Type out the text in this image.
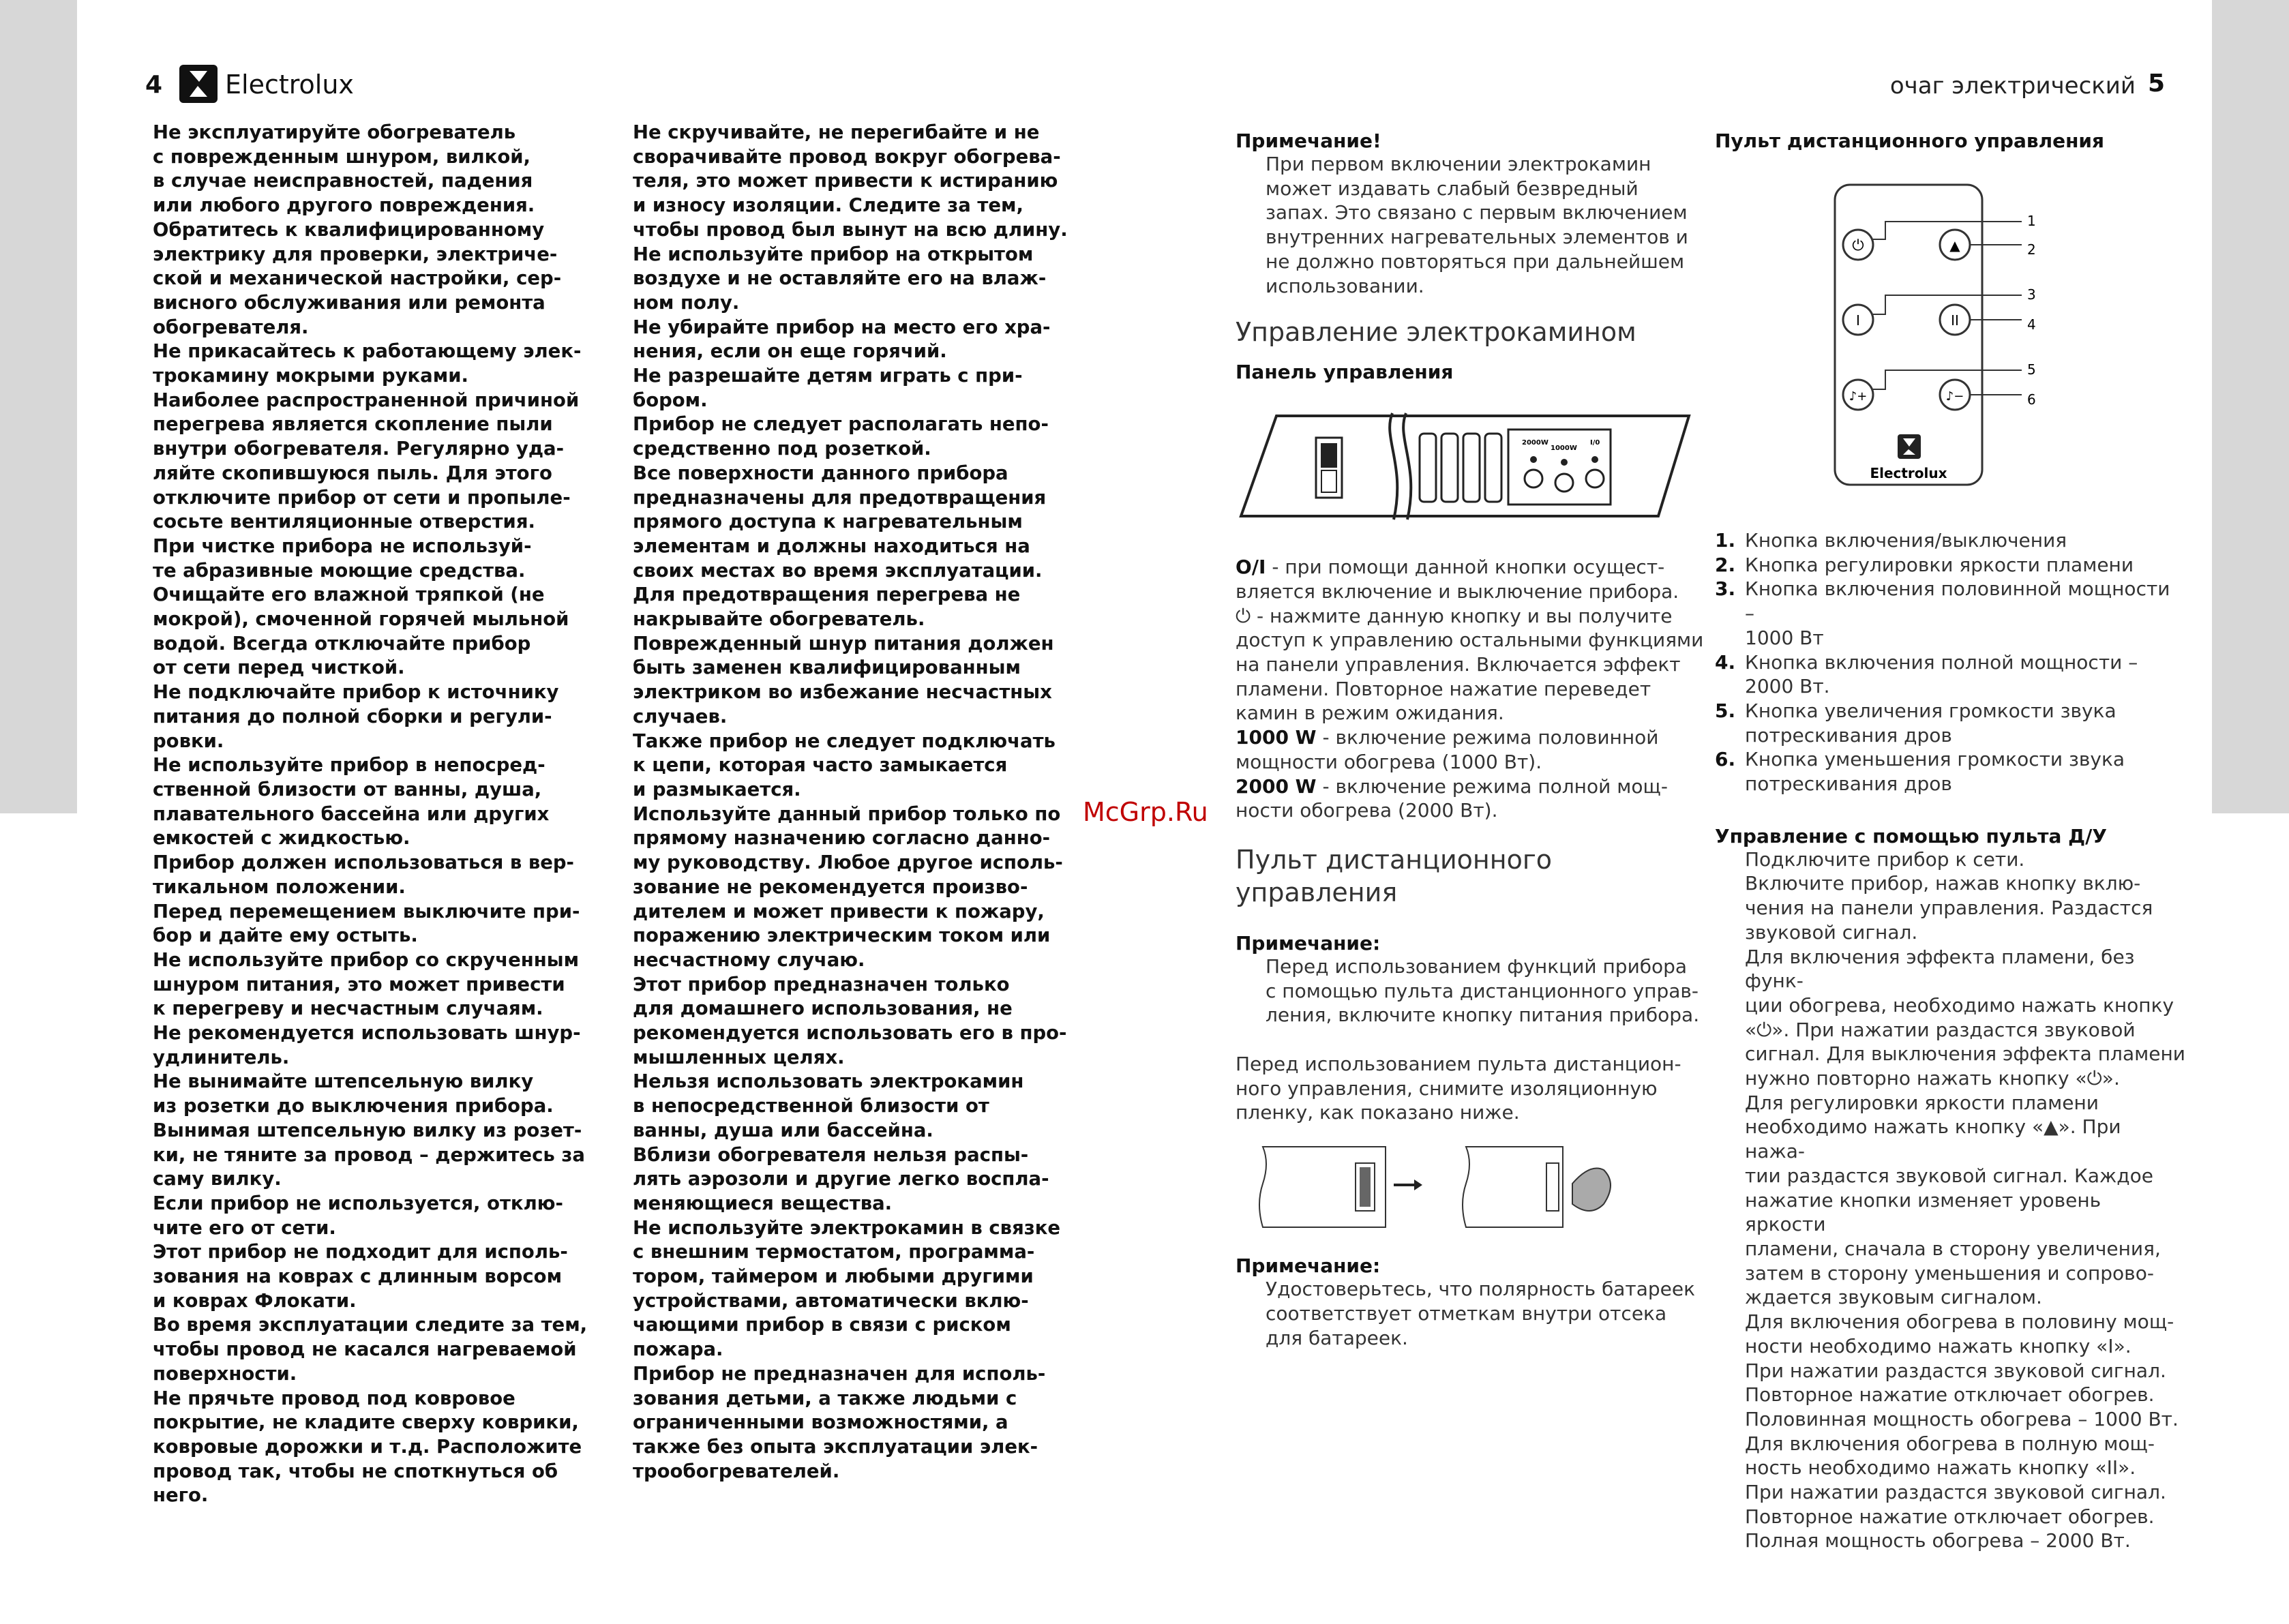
4 Electrolux	очаг электрический 5
Не эксплуатируйте обогреватель
с поврежденным шнуром, вилкой,
в случае неисправностей, падения
или любого другого повреждения.
Обратитесь к квалифицированному
электрику для проверки, электриче-
ской и механической настройки, сер-
висного обслуживания или ремонта
обогревателя.
Не прикасайтесь к работающему элек-
трокамину мокрыми руками.
Наиболее распространенной причиной
перегрева является скопление пыли
внутри обогревателя. Регулярно уда-
ляйте скопившуюся пыль. Для этого
отключите прибор от сети и пропыле-
сосьте вентиляционные отверстия.
При чистке прибора не используй-
те абразивные моющие средства.
Очищайте его влажной тряпкой (не
мокрой), смоченной горячей мыльной
водой. Всегда отключайте прибор
от сети перед чисткой.
Не подключайте прибор к источнику
питания до полной сборки и регули-
ровки.
Не используйте прибор в непосред-
ственной близости от ванны, душа,
плавательного бассейна или других
емкостей с жидкостью.
Прибор должен использоваться в вер-
тикальном положении.
Перед перемещением выключите при-
бор и дайте ему остыть.
Не используйте прибор со скрученным
шнуром питания, это может привести
к перегреву и несчастным случаям.
Не рекомендуется использовать шнур-
удлинитель.
Не вынимайте штепсельную вилку
из розетки до выключения прибора.
Вынимая штепсельную вилку из розет-
ки, не тяните за провод – держитесь за
саму вилку.
Если прибор не используется, отклю-
чите его от сети.
Этот прибор не подходит для исполь-
зования на коврах с длинным ворсом
и коврах Флокати.
Во время эксплуатации следите за тем,
чтобы провод не касался нагреваемой
поверхности.
Не прячьте провод под ковровое
покрытие, не кладите сверху коврики,
ковровые дорожки и т.д. Расположите
провод так, чтобы не споткнуться об
него.
Не скручивайте, не перегибайте и не
сворачивайте провод вокруг обогрева-
теля, это может привести к истиранию
и износу изоляции. Следите за тем,
чтобы провод был вынут на всю длину.
Не используйте прибор на открытом
воздухе и не оставляйте его на влаж-
ном полу.
Не убирайте прибор на место его хра-
нения, если он еще горячий.
Не разрешайте детям играть с при-
бором.
Прибор не следует располагать непо-
средственно под розеткой.
Все поверхности данного прибора
предназначены для предотвращения
прямого доступа к нагревательным
элементам и должны находиться на
своих местах во время эксплуатации.
Для предотвращения перегрева не
накрывайте обогреватель.
Поврежденный шнур питания должен
быть заменен квалифицированным
электриком во избежание несчастных
случаев.
Также прибор не следует подключать
к цепи, которая часто замыкается
и размыкается.
Используйте данный прибор только по
прямому назначению согласно данно-
му руководству. Любое другое исполь-
зование не рекомендуется произво-
дителем и может привести к пожару,
поражению электрическим током или
несчастному случаю.
Этот прибор предназначен только
для домашнего использования, не
рекомендуется использовать его в про-
мышленных целях.
Нельзя использовать электрокамин
в непосредственной близости от
ванны, душа или бассейна.
Вблизи обогревателя нельзя распы-
лять аэрозоли и другие легко воспла-
меняющиеся вещества.
Не используйте электрокамин в связке
с внешним термостатом, программа-
тором, таймером и любыми другими
устройствами, автоматически вклю-
чающими прибор в связи с риском
пожара.
Прибор не предназначен для исполь-
зования детьми, а также людьми с
ограниченными возможностями, а
также без опыта эксплуатации элек-
трообогревателей.
McGrp.Ru
Примечание!
При первом включении электрокамин
может издавать слабый безвредный
запах. Это связано с первым включением
внутренних нагревательных элементов и
не должно повторяться при дальнейшем
использовании.
Управление электрокамином
Панель управления
2000W
1000W
I/0
O/I - при помощи данной кнопки осущест-
вляется включение и выключение прибора.
⏻ - нажмите данную кнопку и вы получите
доступ к управлению остальными функциями
на панели управления. Включается эффект
пламени. Повторное нажатие переведет
камин в режим ожидания.
1000 W - включение режима половинной
мощности обогрева (1000 Вт).
2000 W - включение режима полной мощ-
ности обогрева (2000 Вт).
Пульт дистанционного
управления
Примечание:
Перед использованием функций прибора
с помощью пульта дистанционного управ-
ления, включите кнопку питания прибора.
Перед использованием пульта дистанцион-
ного управления, снимите изоляционную
пленку, как показано ниже.
Примечание:
Удостоверьтесь, что полярность батареек
соответствует отметкам внутри отсека
для батареек.
Пульт дистанционного управления
⏻	▲
I	II
♪+	♪−
Electrolux
1
2
3
4
5
6
1. Кнопка включения/выключения
2. Кнопка регулировки яркости пламени
3. Кнопка включения половинной мощности –
1000 Вт
4. Кнопка включения полной мощности –
2000 Вт.
5. Кнопка увеличения громкости звука
потрескивания дров
6. Кнопка уменьшения громкости звука
потрескивания дров
Управление с помощью пульта Д/У
Подключите прибор к сети.
Включите прибор, нажав кнопку вклю-
чения на панели управления. Раздастся
звуковой сигнал.
Для включения эффекта пламени, без функ-
ции обогрева, необходимо нажать кнопку
«⏻». При нажатии раздастся звуковой
сигнал. Для выключения эффекта пламени
нужно повторно нажать кнопку «⏻».
Для регулировки яркости пламени
необходимо нажать кнопку «▲». При нажа-
тии раздастся звуковой сигнал. Каждое
нажатие кнопки изменяет уровень яркости
пламени, сначала в сторону увеличения,
затем в сторону уменьшения и сопрово-
ждается звуковым сигналом.
Для включения обогрева в половину мощ-
ности необходимо нажать кнопку «I».
При нажатии раздастся звуковой сигнал.
Повторное нажатие отключает обогрев.
Половинная мощность обогрева – 1000 Вт.
Для включения обогрева в полную мощ-
ность необходимо нажать кнопку «II».
При нажатии раздастся звуковой сигнал.
Повторное нажатие отключает обогрев.
Полная мощность обогрева – 2000 Вт.
